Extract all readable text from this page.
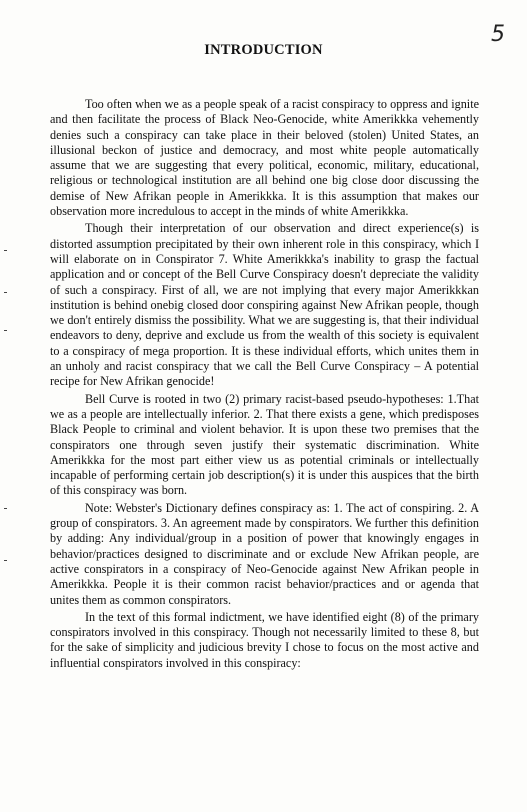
5
INTRODUCTION

Too often when we as a people speak of a racist conspiracy to oppress and ignite and then facilitate the process of Black Neo-Genocide, white Amerikkka vehemently denies such a conspiracy can take place in their beloved (stolen) United States, an illusional beckon of justice and democracy, and most white people automatically assume that we are suggesting that every political, economic, military, educational, religious or technological institution are all behind one big close door discussing the demise of New Afrikan people in Amerikkka. It is this assumption that makes our observation more incredulous to accept in the minds of white Amerikkka.

Though their interpretation of our observation and direct experience(s) is distorted assumption precipitated by their own inherent role in this conspiracy, which I will elaborate on in Conspirator 7. White Amerikkka's inability to grasp the factual application and or concept of the Bell Curve Conspiracy doesn't depreciate the validity of such a conspiracy. First of all, we are not implying that every major Amerikkkan institution is behind onebig closed door conspiring against New Afrikan people, though we don't entirely dismiss the possibility. What we are suggesting is, that their individual endeavors to deny, deprive and exclude us from the wealth of this society is equivalent to a conspiracy of mega proportion. It is these individual efforts, which unites them in an unholy and racist conspiracy that we call the Bell Curve Conspiracy – A potential recipe for New Afrikan genocide!

Bell Curve is rooted in two (2) primary racist-based pseudo-hypotheses: 1.That we as a people are intellectually inferior. 2. That there exists a gene, which predisposes Black People to criminal and violent behavior. It is upon these two premises that the conspirators one through seven justify their systematic discrimination. White Amerikkka for the most part either view us as potential criminals or intellectually incapable of performing certain job description(s) it is under this auspices that the birth of this conspiracy was born.

Note: Webster's Dictionary defines conspiracy as: 1. The act of conspiring. 2. A group of conspirators. 3. An agreement made by conspirators. We further this definition by adding: Any individual/group in a position of power that knowingly engages in behavior/practices designed to discriminate and or exclude New Afrikan people, are active conspirators in a conspiracy of Neo-Genocide against New Afrikan people in Amerikkka. People it is their common racist behavior/practices and or agenda that unites them as common conspirators.

In the text of this formal indictment, we have identified eight (8) of the primary conspirators involved in this conspiracy. Though not necessarily limited to these 8, but for the sake of simplicity and judicious brevity I chose to focus on the most active and influential conspirators involved in this conspiracy:
